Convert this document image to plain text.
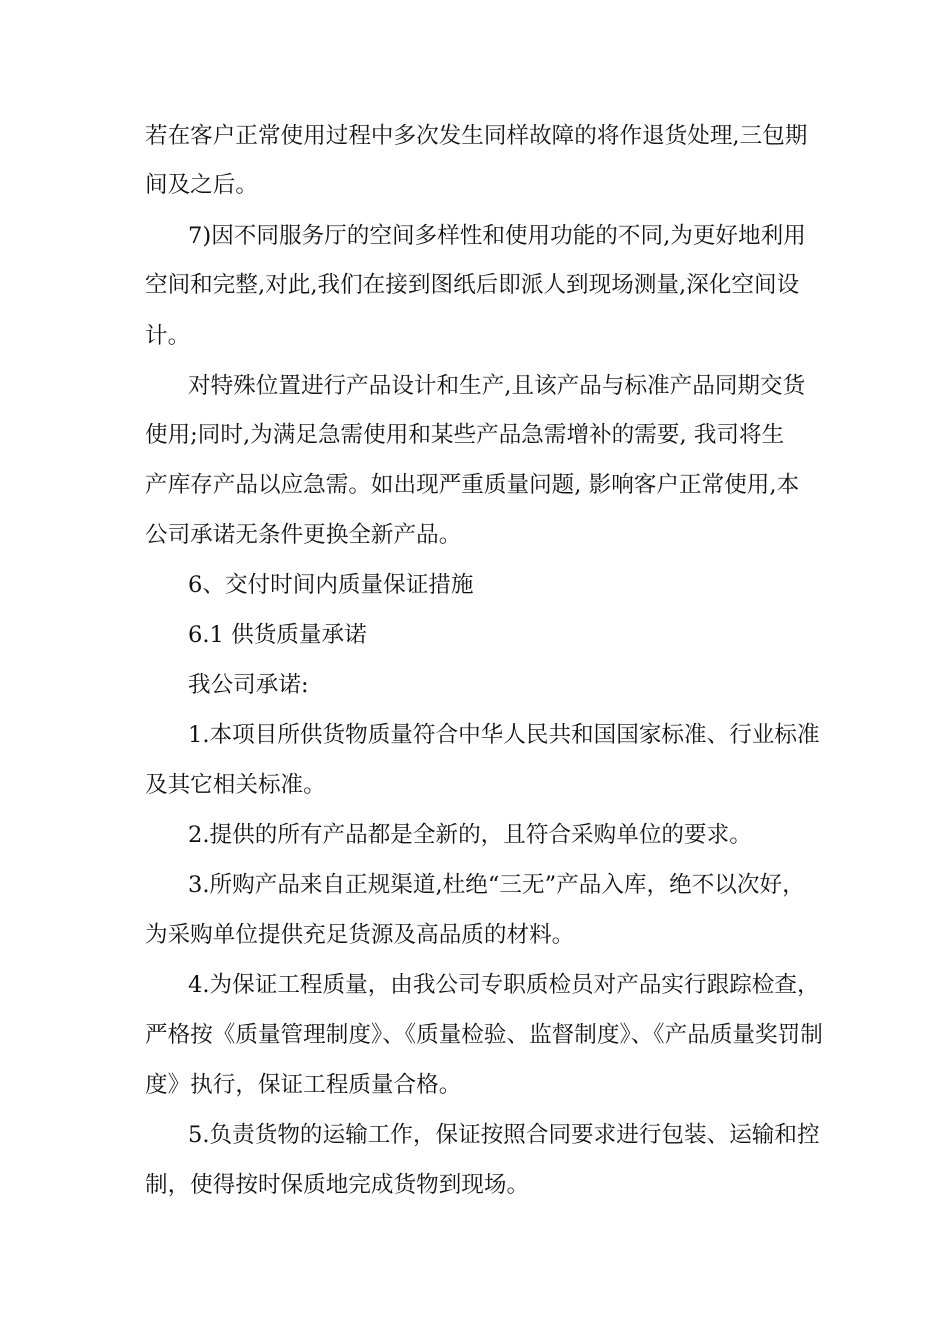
若在客户正常使用过程中多次发生同样故障的将作退货处理,三包期

间及之后。

7)因不同服务厅的空间多样性和使用功能的不同,为更好地利用

空间和完整,对此,我们在接到图纸后即派人到现场测量,深化空间设

计。

对特殊位置进行产品设计和生产,且该产品与标准产品同期交货

使用;同时,为满足急需使用和某些产品急需增补的需要, 我司将生

产库存产品以应急需。如出现严重质量问题, 影响客户正常使用,本

公司承诺无条件更换全新产品。

6、交付时间内质量保证措施

6.1 供货质量承诺

我公司承诺:

1.本项目所供货物质量符合中华人民共和国国家标准、行业标准

及其它相关标准。

2.提供的所有产品都是全新的，且符合采购单位的要求。

3.所购产品来自正规渠道,杜绝“三无”产品入库，绝不以次好，

为采购单位提供充足货源及高品质的材料。

4.为保证工程质量，由我公司专职质检员对产品实行跟踪检查，

严格按《质量管理制度》、《质量检验、监督制度》、《产品质量奖罚制

度》执行，保证工程质量合格。

5.负责货物的运输工作，保证按照合同要求进行包装、运输和控

制，使得按时保质地完成货物到现场。
